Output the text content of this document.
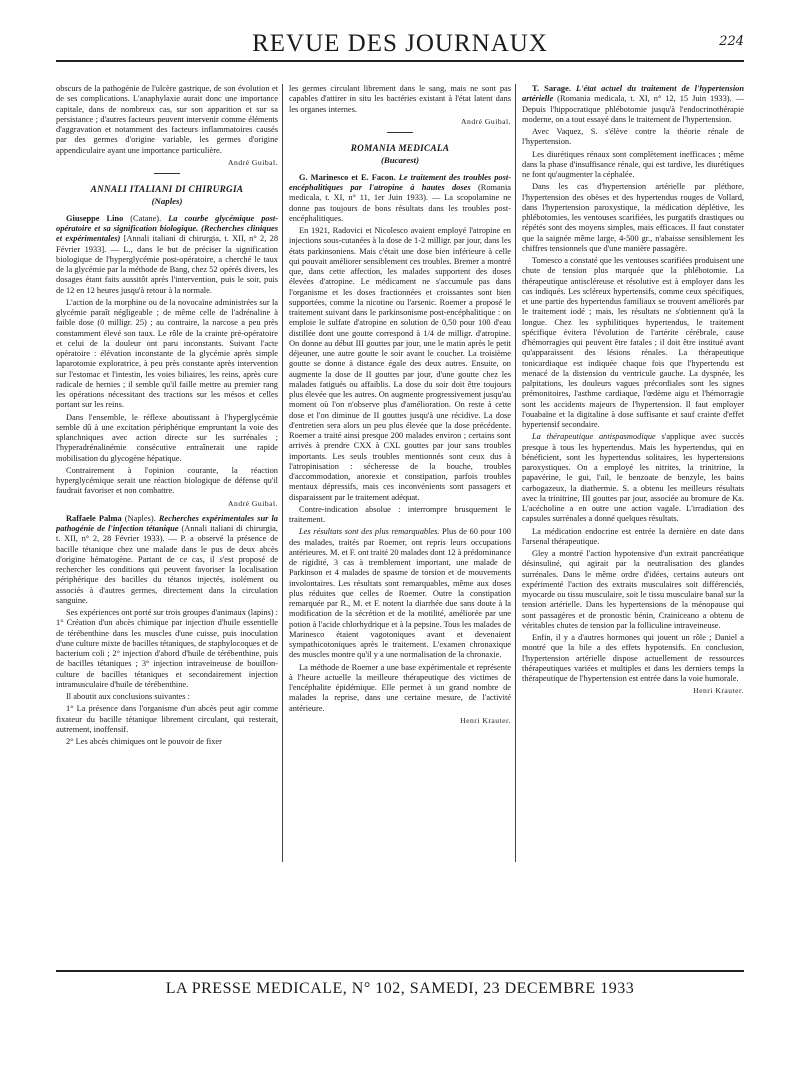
REVUE DES JOURNAUX	224

obscurs de la pathogénie de l'ulcère gastrique, de son évolution et de ses complications. L'anaphylaxie aurait donc une importance capitale, dans de nombreux cas, sur son apparition et sur sa persistance ; d'autres facteurs peuvent intervenir comme éléments d'aggravation et notamment des facteurs inflammatoires causés par des germes d'origine variable, les germes d'origine appendiculaire ayant une importance particulière.

André Guibal.
ANNALI ITALIANI DI CHIRURGIA
(Naples)

Giuseppe Lino (Catane). La courbe glycémique post-opératoire et sa signification biologique. (Recherches cliniques et expérimentales) [Annali italiani di chirurgia, t. XII, n° 2, 28 Février 1933]. — L., dans le but de préciser la signification biologique de l'hyperglycémie post-opératoire, a cherché le taux de la glycémie par la méthode de Bang, chez 52 opérés divers, les dosages étant faits aussitôt après l'intervention, puis le soir, puis de 12 en 12 heures jusqu'à retour à la normale.

L'action de la morphine ou de la novocaïne administrées sur la glycémie paraît négligeable ; de même celle de l'adrénaline à faible dose (0 milligr. 25) ; au contraire, la narcose a peu près constamment élevé son taux. Le rôle de la crainte pré-opératoire et celui de la douleur ont paru inconstants. Suivant l'acte opératoire : élévation inconstante de la glycémie après simple laparotomie exploratrice, à peu près constante après intervention sur l'estomac et l'intestin, les voies biliaires, les reins, après cure radicale de hernies ; il semble qu'il faille mettre au premier rang les opérations nécessitant des tractions sur les mésos et celles portant sur les reins.

Dans l'ensemble, le réflexe aboutissant à l'hyperglycémie semble dû à une excitation périphérique empruntant la voie des splanchniques avec action directe sur les surrénales ; l'hyperadrénalinémie consécutive entraînerait une rapide mobilisation du glycogène hépatique.

Contrairement à l'opinion courante, la réaction hyperglycémique serait une réaction biologique de défense qu'il faudrait favoriser et non combattre.

André Guibal.

Raffaele Palma (Naples). Recherches expérimentales sur la pathogénie de l'infection tétanique (Annali italiani di chirurgia, t. XII, n° 2, 28 Février 1933). — P. a observé la présence de bacille tétanique chez une malade dans le pus de deux abcès d'origine hématogène. Partant de ce cas, il s'est proposé de rechercher les conditions qui peuvent favoriser la localisation périphérique des bacilles du tétanos injectés, isolément ou associés à d'autres germes, directement dans la circulation sanguine.

Ses expériences ont porté sur trois groupes d'animaux (lapins) : 1° Création d'un abcès chimique par injection d'huile essentielle de térébenthine dans les muscles d'une cuisse, puis inoculation d'une culture mixte de bacilles tétaniques, de staphylocoques et de bacterium coli ; 2° injection d'abord d'huile de térébenthine, puis de bacilles tétaniques ; 3° injection intraveineuse de bouillon-culture de bacilles tétaniques et secondairement injection intramusculaire d'huile de térébenthine.

Il aboutit aux conclusions suivantes :

1° La présence dans l'organisme d'un abcès peut agir comme fixateur du bacille tétanique librement circulant, qui resterait, autrement, inoffensif.

2° Les abcès chimiques ont le pouvoir de fixer

les germes circulant librement dans le sang, mais ne sont pas capables d'attirer in situ les bactéries existant à l'état latent dans les organes internes.

André Guibal.
ROMANIA MEDICALA
(Bucarest)

G. Marinesco et E. Facon. Le traitement des troubles post-encéphalitiques par l'atropine à hautes doses (Romania medicala, t. XI, n° 11, 1er Juin 1933). — La scopolamine ne donne pas toujours de bons résultats dans les troubles post-encéphalitiques.

En 1921, Radovici et Nicolesco avaient employé l'atropine en injections sous-cutanées à la dose de 1-2 milligr. par jour, dans les états parkinsoniens. Mais c'était une dose bien inférieure à celle qui pouvait améliorer sensiblement ces troubles. Bremer a montré que, dans cette affection, les malades supportent des doses élevées d'atropine. Le médicament ne s'accumule pas dans l'organisme et les doses fractionnées et croissantes sont bien supportées, comme la nicotine ou l'arsenic. Roemer a proposé le traitement suivant dans le parkinsonisme post-encéphalitique : on emploie le sulfate d'atropine en solution de 0,50 pour 100 d'eau distillée dont une goutte correspond à 1/4 de milligr. d'atropine. On donne au début III gouttes par jour, une le matin après le petit déjeuner, une autre goutte le soir avant le coucher. La troisième goutte se donne à distance égale des deux autres. Ensuite, on augmente la dose de II gouttes par jour, d'une goutte chez les malades fatigués ou affaiblis. La dose du soir doit être toujours plus élevée que les autres. On augmente progressivement jusqu'au moment où l'on n'observe plus d'amélioration. On reste à cette dose et l'on diminue de II gouttes jusqu'à une récidive. La dose d'entretien sera alors un peu plus élevée que la dose précédente. Roemer a traité ainsi presque 200 malades environ ; certains sont arrivés à prendre CXX à CXL gouttes par jour sans troubles importants. Les seuls troubles mentionnés sont ceux dus à l'atropinisation : sécheresse de la bouche, troubles d'accommodation, anorexie et constipation, parfois troubles mentaux dépressifs, mais ces inconvénients sont passagers et disparaissent par le traitement adéquat.

Contre-indication absolue : interrompre brusquement le traitement.

Les résultats sont des plus remarquables. Plus de 60 pour 100 des malades, traités par Roemer, ont repris leurs occupations antérieures. M. et F. ont traité 20 malades dont 12 à prédominance de rigidité, 3 cas à tremblement important, une malade de Parkinson et 4 malades de spasme de torsion et de mouvements involontaires. Les résultats sont remarquables, même aux doses plus réduites que celles de Roemer. Outre la constipation remarquée par R., M. et F. notent la diarrhée due sans doute à la modification de la sécrétion et de la motilité, améliorée par une potion à l'acide chlorhydrique et à la pepsine. Tous les malades de Marinesco étaient vagotoniques avant et devenaient sympathicotoniques après le traitement. L'examen chronaxique des muscles montre qu'il y a une normalisation de la chronaxie.

La méthode de Roemer a une base expérimentale et représente à l'heure actuelle la meilleure thérapeutique des victimes de l'encéphalite épidémique. Elle permet à un grand nombre de malades la reprise, dans une certaine mesure, de l'activité antérieure.

Henri Krauter.

T. Sarage. L'état actuel du traitement de l'hypertension artérielle (Romania medicala, t. XI, n° 12, 15 Juin 1933). — Depuis l'hippocratique phlébotomie jusqu'à l'endocrinothérapie moderne, on a tout essayé dans le traitement de l'hypertension.

Avec Vaquez, S. s'élève contre la théorie rénale de l'hypertension.

Les diurétiques rénaux sont complètement inefficaces ; même dans la phase d'insuffisance rénale, qui est tardive, les diurétiques ne font qu'augmenter la céphalée.

Dans les cas d'hypertension artérielle par pléthore, l'hypertension des obèses et des hypertendus rouges de Vollard, dans l'hypertension paroxystique, la médication déplétive, les phlébotomies, les ventouses scarifiées, les purgatifs drastiques ou répétés sont des moyens simples, mais efficaces. Il faut constater que la saignée même large, 4-500 gr., n'abaisse sensiblement les chiffres tensionnels que d'une manière passagère.

Tomesco a constaté que les ventouses scarifiées produisent une chute de tension plus marquée que la phlébotomie. La thérapeutique antiscléreuse et résolutive est à employer dans les cas indiqués. Les scléreux hypertensifs, comme ceux spécifiques, et une partie des hypertendus familiaux se trouvent améliorés par le traitement iodé ; mais, les résultats ne s'obtiennent qu'à la longue. Chez les syphilitiques hypertendus, le traitement spécifique évitera l'évolution de l'artérite cérébrale, cause d'hémorragies qui peuvent être fatales ; il doit être institué avant qu'apparaissent des lésions rénales. La thérapeutique tonicardiaque est indiquée chaque fois que l'hypertendu est menacé de la distension du ventricule gauche. La dyspnée, les palpitations, les douleurs vagues précordiales sont les signes prémonitoires, l'asthme cardiaque, l'œdème aigu et l'hémorragie sont les accidents majeurs de l'hypertension. Il faut employer l'ouabaïne et la digitaline à dose suffisante et sauf crainte d'effet hypertensif secondaire.

La thérapeutique antispasmodique s'applique avec succès presque à tous les hypertendus. Mais les hypertendus, qui en bénéficient, sont les hypertendus solitaires, les hypertensions paroxystiques. On a employé les nitrites, la trinitrine, la papavérine, le gui, l'ail, le benzoate de benzyle, les bains carbogazeux, la diathermie. S. a obtenu les meilleurs résultats avec la trinitrine, III gouttes par jour, associée au bromure de Ka. L'acécholine a en outre une action vagale. L'irradiation des capsules surrénales a donné quelques résultats.

La médication endocrine est entrée la dernière en date dans l'arsenal thérapeutique.

Gley a montré l'action hypotensive d'un extrait pancréatique désinsuliné, qui agirait par la neutralisation des glandes surrénales. Dans le même ordre d'idées, certains auteurs ont expérimenté l'action des extraits musculaires soit différenciés, myocarde ou tissu musculaire, soit le tissu musculaire banal sur la tension artérielle. Dans les hypertensions de la ménopause qui sont passagères et de pronostic bénin, Crainiceano a obtenu de véritables chutes de tension par la folliculine intraveineuse.

Enfin, il y a d'autres hormones qui jouent un rôle ; Daniel a montré que la bile a des effets hypotensifs. En conclusion, l'hypertension artérielle dispose actuellement de ressources thérapeutiques variées et multiples et dans les derniers temps la thérapeutique de l'hypertension est entrée dans la voie humorale.

Henri Krauter.
LA PRESSE MEDICALE, N° 102, SAMEDI, 23 DECEMBRE 1933
